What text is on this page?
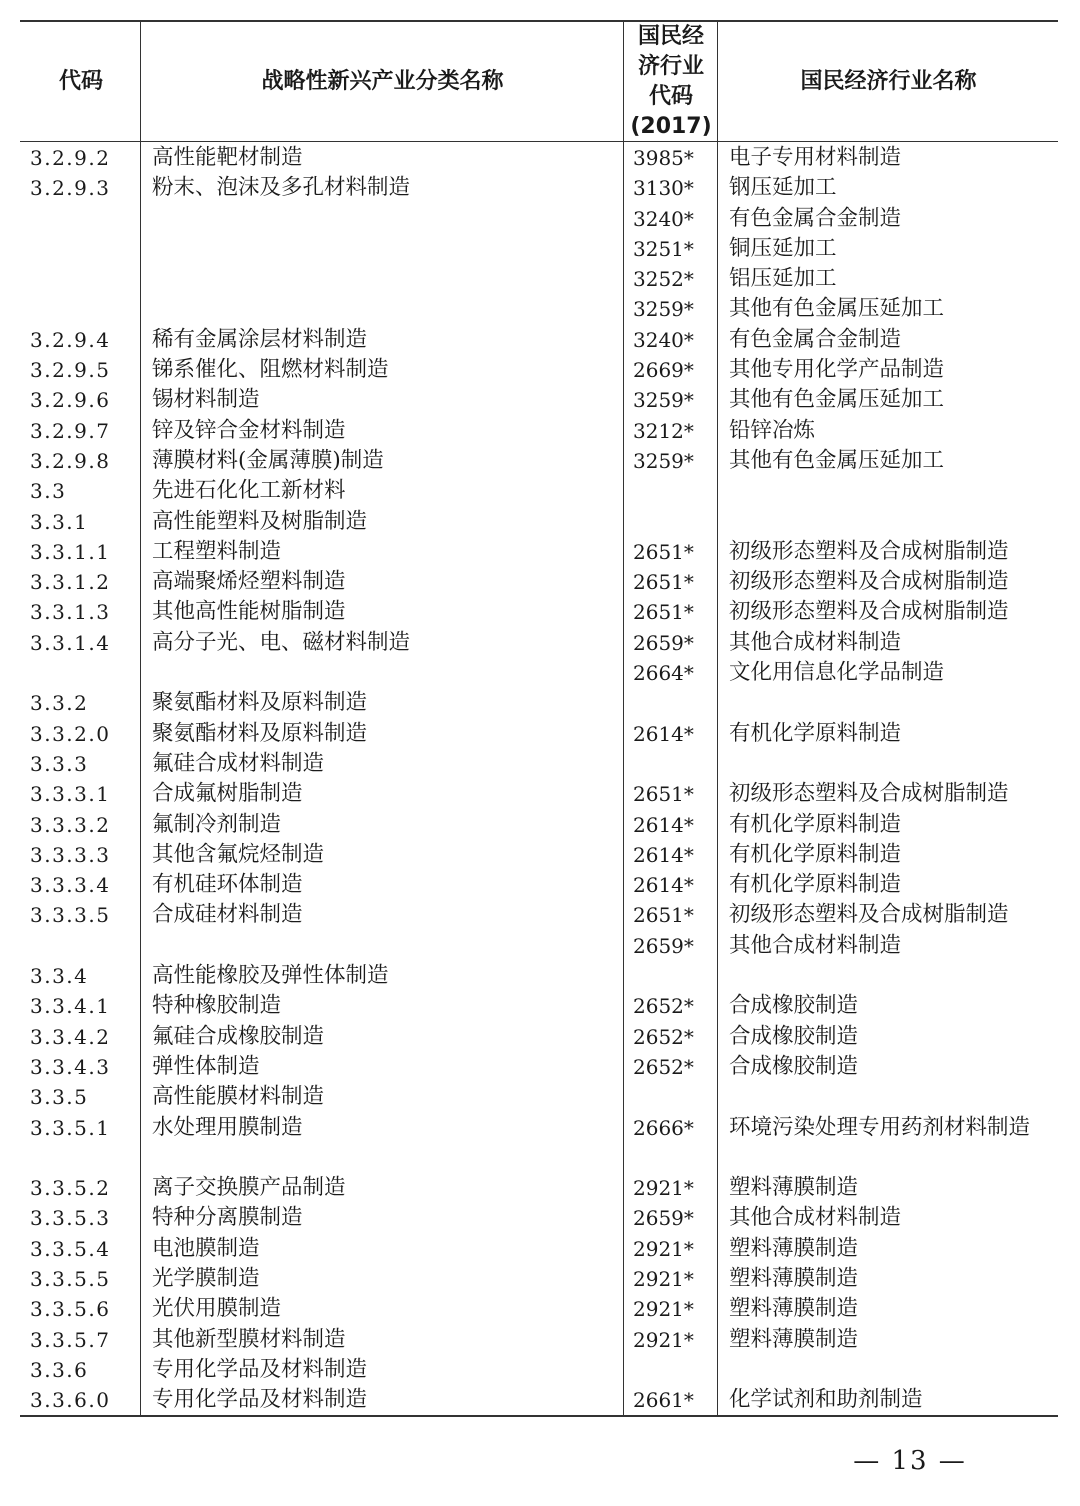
代码	战略性新兴产业分类名称
国民经
济行业
代码
(2017)
国民经济行业名称
3.2.9.2 高性能靶材制造	3985* 电子专用材料制造
3.2.9.3 粉末、泡沫及多孔材料制造	3130* 钢压延加工
3240* 有色金属合金制造
3251* 铜压延加工
3252* 铝压延加工
3259* 其他有色金属压延加工
3.2.9.4 稀有金属涂层材料制造	3240* 有色金属合金制造
3.2.9.5 锑系催化、阻燃材料制造	2669* 其他专用化学产品制造
3.2.9.6 锡材料制造	3259* 其他有色金属压延加工
3.2.9.7 锌及锌合金材料制造	3212* 铅锌冶炼
3.2.9.8 薄膜材料(金属薄膜)制造	3259* 其他有色金属压延加工
3.3	先进石化化工新材料
3.3.1	高性能塑料及树脂制造
3.3.1.1 工程塑料制造	2651* 初级形态塑料及合成树脂制造
3.3.1.2 高端聚烯烃塑料制造	2651* 初级形态塑料及合成树脂制造
3.3.1.3 其他高性能树脂制造	2651* 初级形态塑料及合成树脂制造
3.3.1.4 高分子光、电、磁材料制造	2659* 其他合成材料制造
2664* 文化用信息化学品制造
3.3.2	聚氨酯材料及原料制造
3.3.2.0 聚氨酯材料及原料制造	2614* 有机化学原料制造
3.3.3	氟硅合成材料制造
3.3.3.1 合成氟树脂制造	2651* 初级形态塑料及合成树脂制造
3.3.3.2 氟制冷剂制造	2614* 有机化学原料制造
3.3.3.3 其他含氟烷烃制造	2614* 有机化学原料制造
3.3.3.4 有机硅环体制造	2614* 有机化学原料制造
3.3.3.5 合成硅材料制造	2651* 初级形态塑料及合成树脂制造
2659* 其他合成材料制造
3.3.4	高性能橡胶及弹性体制造
3.3.4.1 特种橡胶制造	2652* 合成橡胶制造
3.3.4.2 氟硅合成橡胶制造	2652* 合成橡胶制造
3.3.4.3 弹性体制造	2652* 合成橡胶制造
3.3.5	高性能膜材料制造
3.3.5.1 水处理用膜制造	2666* 环境污染处理专用药剂材料制造
3.3.5.2 离子交换膜产品制造	2921* 塑料薄膜制造
3.3.5.3 特种分离膜制造	2659* 其他合成材料制造
3.3.5.4 电池膜制造	2921* 塑料薄膜制造
3.3.5.5 光学膜制造	2921* 塑料薄膜制造
3.3.5.6 光伏用膜制造	2921* 塑料薄膜制造
3.3.5.7 其他新型膜材料制造	2921* 塑料薄膜制造
3.3.6	专用化学品及材料制造
3.3.6.0 专用化学品及材料制造	2661* 化学试剂和助剂制造
— 13 —
